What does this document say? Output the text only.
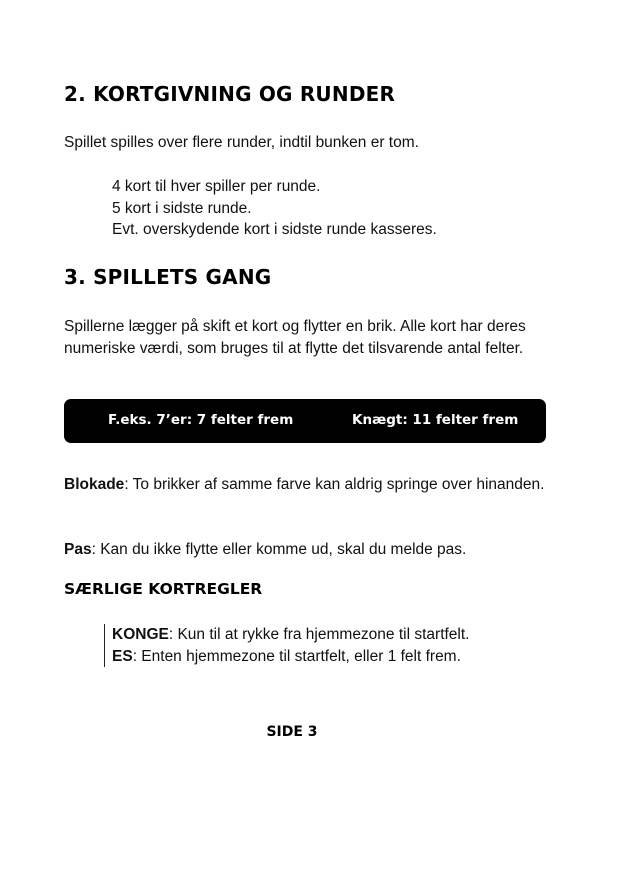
2. KORTGIVNING OG RUNDER

Spillet spilles over flere runder, indtil bunken er tom.

4 kort til hver spiller per runde.
5 kort i sidste runde.
Evt. overskydende kort i sidste runde kasseres.
3. SPILLETS GANG

Spillerne lægger på skift et kort og flytter en brik. Alle kort har deres numeriske værdi, som bruges til at flytte det tilsvarende antal felter.

F.eks. 7’er: 7 felter frem	Knægt: 11 felter frem

Blokade: To brikker af samme farve kan aldrig springe over hinanden.

Pas: Kan du ikke flytte eller komme ud, skal du melde pas.

SÆRLIGE KORTREGLER
KONGE: Kun til at rykke fra hjemmezone til startfelt.
ES: Enten hjemmezone til startfelt, eller 1 felt frem.
SIDE 3
